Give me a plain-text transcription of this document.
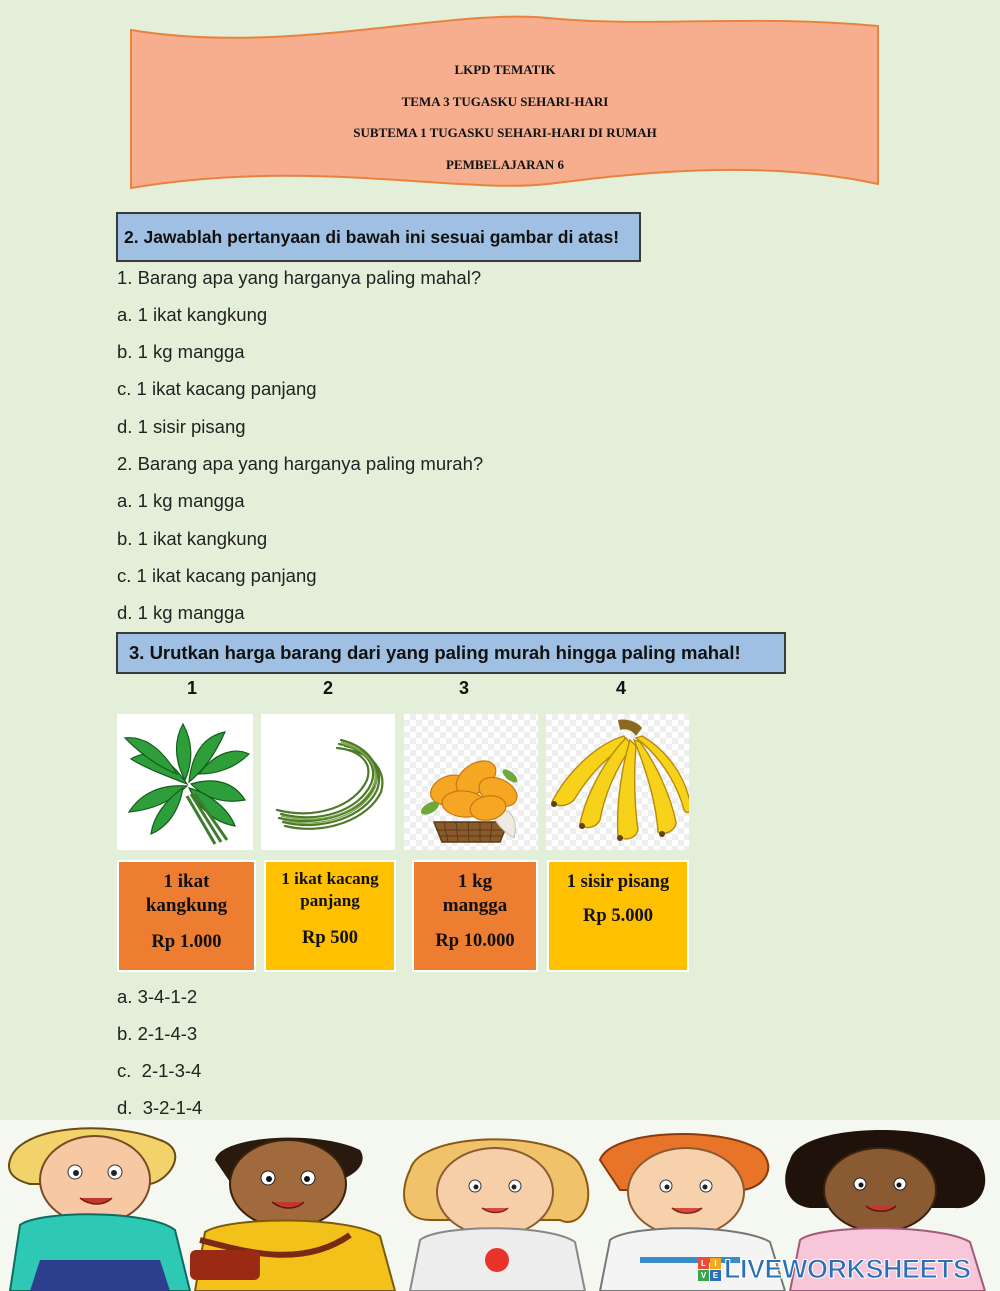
LKPD TEMATIK
TEMA 3 TUGASKU SEHARI-HARI
SUBTEMA 1 TUGASKU SEHARI-HARI DI RUMAH
PEMBELAJARAN 6
2. Jawablah pertanyaan di bawah ini sesuai gambar di atas!
1. Barang apa yang harganya paling mahal?
a. 1 ikat kangkung
b. 1 kg mangga
c. 1 ikat kacang panjang
d. 1 sisir pisang
2. Barang apa yang harganya paling murah?
a. 1 kg mangga
b. 1 ikat kangkung
c. 1 ikat kacang panjang
d. 1 kg mangga
3. Urutkan harga barang dari yang paling murah hingga paling mahal!
1	2	3	4
1 ikat
kangkung
Rp 1.000
1 ikat kacang
panjang
Rp 500
1 kg
mangga
Rp 10.000
1 sisir pisang
Rp 5.000
a. 3-4-1-2
b. 2-1-4-3
c.  2-1-3-4
d.  3-2-1-4
L	I
V E LIVEWORKSHEETS
